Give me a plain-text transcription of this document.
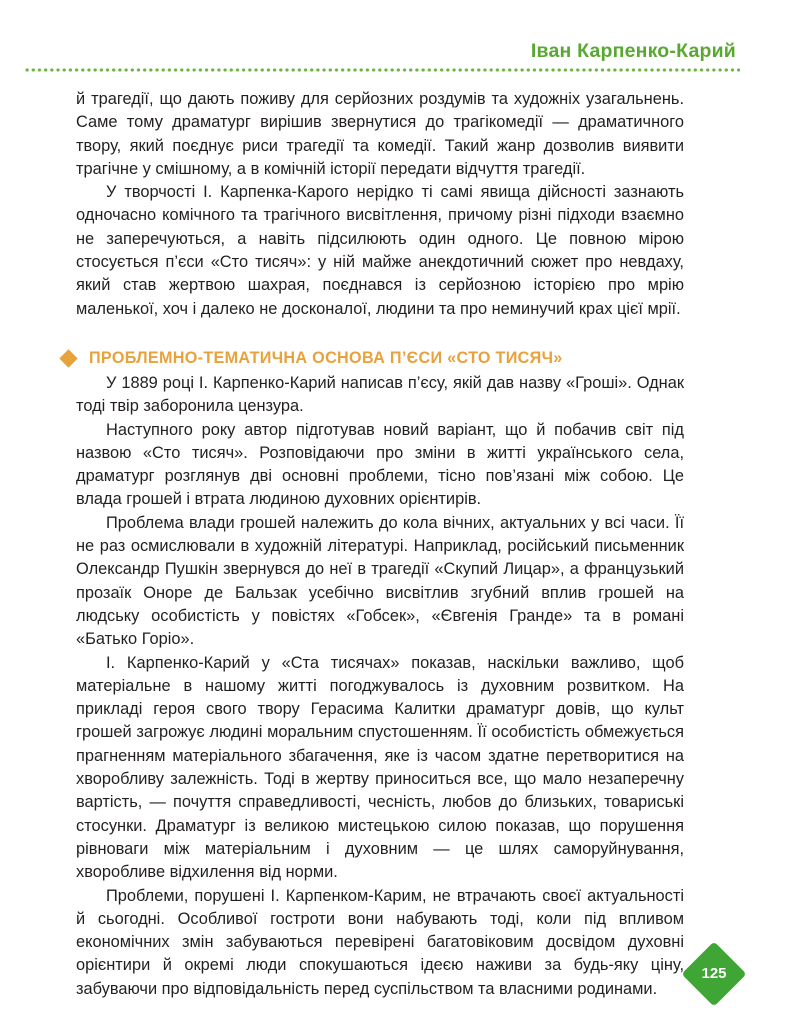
Іван Карпенко-Карий

й трагедії, що дають поживу для серйозних роздумів та художніх узагальнень. Саме тому драматург вирішив звернутися до трагікомедії — драматичного твору, який поєднує риси трагедії та комедії. Такий жанр дозволив виявити трагічне у смішному, а в комічній історії передати відчуття трагедії.

У творчості І. Карпенка-Карого нерідко ті самі явища дійсності зазнають одночасно комічного та трагічного висвітлення, причому різні підходи взаємно не заперечуються, а навіть підсилюють один одного. Це повною мірою стосується п’єси «Сто тисяч»: у ній майже анекдотичний сюжет про невдаху, який став жертвою шахрая, поєднався із серйозною історією про мрію маленької, хоч і далеко не досконалої, людини та про неминучий крах цієї мрії.

ПРОБЛЕМНО-ТЕМАТИЧНА ОСНОВА П’ЄСИ «СТО ТИСЯЧ»

У 1889 році І. Карпенко-Карий написав п’єсу, якій дав назву «Гроші». Однак тоді твір заборонила цензура.

Наступного року автор підготував новий варіант, що й побачив світ під назвою «Сто тисяч». Розповідаючи про зміни в житті українського села, драматург розглянув дві основні проблеми, тісно пов’язані між собою. Це влада грошей і втрата людиною духовних орієнтирів.

Проблема влади грошей належить до кола вічних, актуальних у всі часи. Її не раз осмислювали в художній літературі. Наприклад, російський письменник Олександр Пушкін звернувся до неї в трагедії «Скупий Лицар», а французький прозаїк Оноре де Бальзак усебічно висвітлив згубний вплив грошей на людську особистість у повістях «Гобсек», «Євгенія Гранде» та в романі «Батько Горіо».

І. Карпенко-Карий у «Ста тисячах» показав, наскільки важливо, щоб матеріальне в нашому житті погоджувалось із духовним розвитком. На прикладі героя свого твору Герасима Калитки драматург довів, що культ грошей загрожує людині моральним спустошенням. Її особистість обмежується прагненням матеріального збагачення, яке із часом здатне перетворитися на хворобливу залежність. Тоді в жертву приноситься все, що мало незаперечну вартість, — почуття справедливості, чесність, любов до близьких, товариські стосунки. Драматург із великою мистецькою силою показав, що порушення рівноваги між матеріальним і духовним — це шлях саморуйнування, хворобливе відхилення від норми.

Проблеми, порушені І. Карпенком-Карим, не втрачають своєї актуальності й сьогодні. Особливої гостроти вони набувають тоді, коли під впливом економічних змін забуваються перевірені багатовіковим досвідом духовні орієнтири й окремі люди спокушаються ідеєю наживи за будь-яку ціну, забуваючи про відповідальність перед суспільством та власними родинами.

125
